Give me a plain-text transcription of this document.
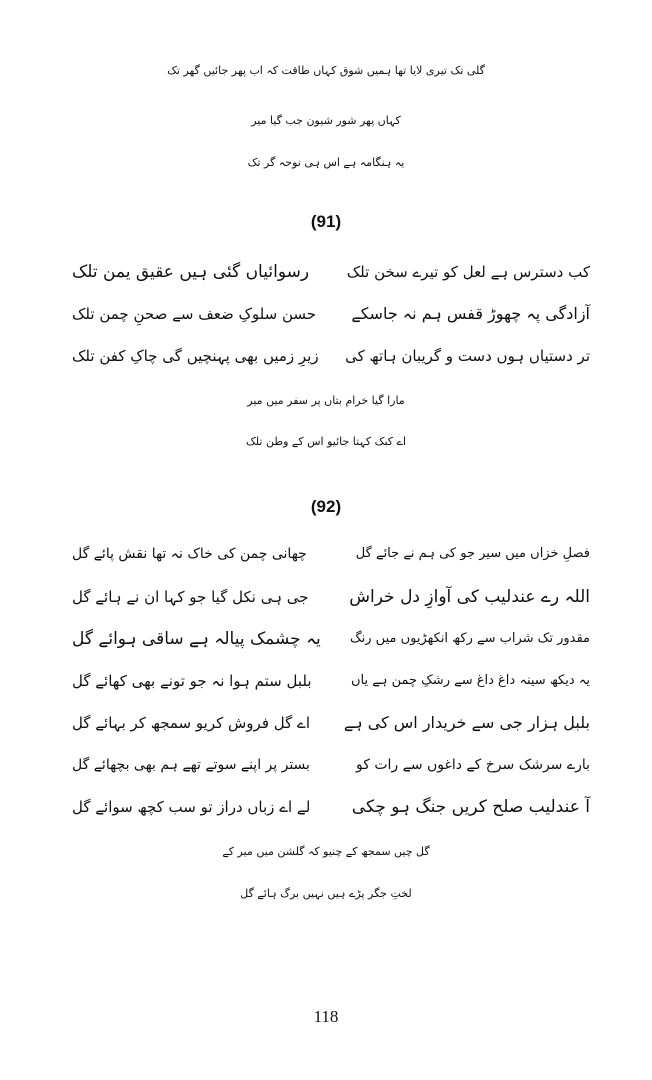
گلی تک تیری لایا تھا ہمیں شوق کہاں طاقت کہ اب پھر جائیں گھر تک
کہاں پھر شور شیون جب گیا میر
یہ ہنگامہ ہے اس ہی نوحہ گر تک
(91)
کب دسترس ہے لعل کو تیرے سخن تلک
رسوائیاں گئی ہیں عقیق یمن تلک
آزادگی پہ چھوڑ قفس ہم نہ جاسکے
حسن سلوکِ ضعف سے صحنِ چمن تلک
تر دستیاں ہوں دست و گریبان ہاتھ کی
زیرِ زمیں بھی پہنچیں گی چاکِ کفن تلک
مارا گیا خرام بتاں پر سفر میں میر
اے کبک کہتا جائیو اس کے وطن تلک
(92)
فصلِ خزاں میں سیر جو کی ہم نے جائے گل
چھانی چمن کی خاک نہ تھا نقش پائے گل
اللہ رے عندلیب کی آوازِ دل خراش
جی ہی نکل گیا جو کہا ان نے ہائے گل
مقدور تک شراب سے رکھ انکھڑیوں میں رنگ
یہ چشمک پیالہ ہے ساقی ہوائے گل
یہ دیکھ سینہ داغ داغ سے رشکِ چمن ہے یاں
بلبل ستم ہوا نہ جو تونے بھی کھائے گل
بلبل ہزار جی سے خریدار اس کی ہے
اے گل فروش کریو سمجھ کر بہائے گل
بارے سرشک سرخ کے داغوں سے رات کو
بستر پر اپنے سوتے تھے ہم بھی بچھائے گل
آ عندلیب صلح کریں جنگ ہو چکی
لے اے زباں دراز تو سب کچھ سوائے گل
گل چیں سمجھ کے چنیو کہ گلشن میں میر کے
لختِ جگر پڑے ہیں نہیں برگ ہائے گل
118
